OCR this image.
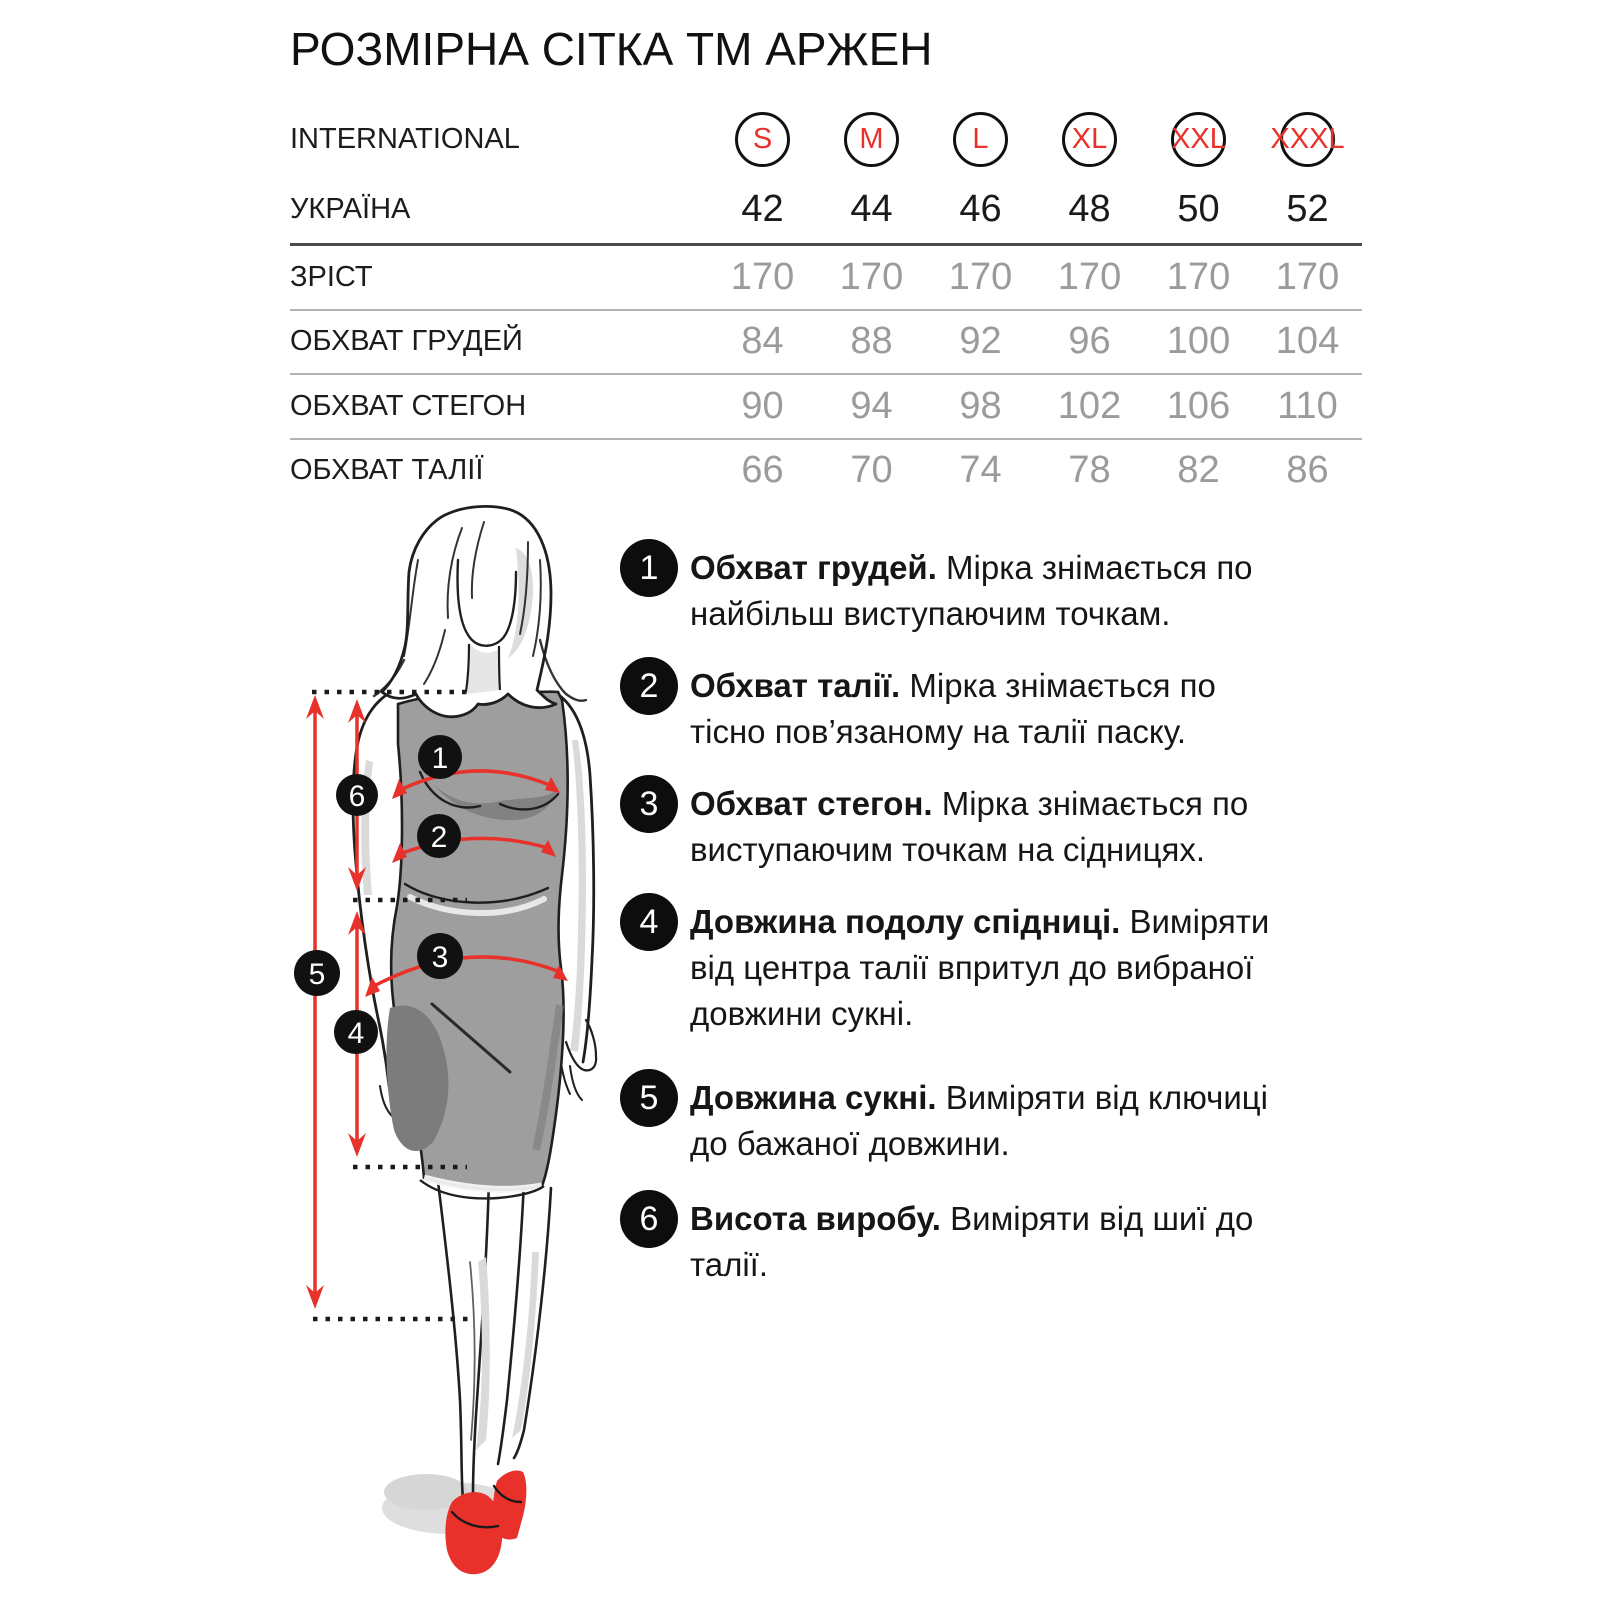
РОЗМІРНА СІТКА ТМ АРЖЕН
INTERNATIONAL	S	M	L	XL XXL XXXL
УКРАЇНА	42	44	46	48	50	52
ЗРІСТ	170	170	170	170	170	170
ОБХВАТ ГРУДЕЙ	84	88	92	96	100	104
ОБХВАТ СТЕГОН	90	94	98	102	106	110
ОБХВАТ ТАЛІЇ	66	70	74	78	82	86
1
2
3
4
5
6
1 Обхват грудей. Мірка знімається по
найбільш виступаючим точкам.
2 Обхват талії. Мірка знімається по
тісно пов’язаному на талії паску.
3 Обхват стегон. Мірка знімається по
виступаючим точкам на сідницях.
4 Довжина подолу спідниці. Виміряти
від центра талії впритул до вибраної
довжини сукні.
5 Довжина сукні. Виміряти від ключиці
до бажаної довжини.
6 Висота виробу. Виміряти від шиї до
талії.
